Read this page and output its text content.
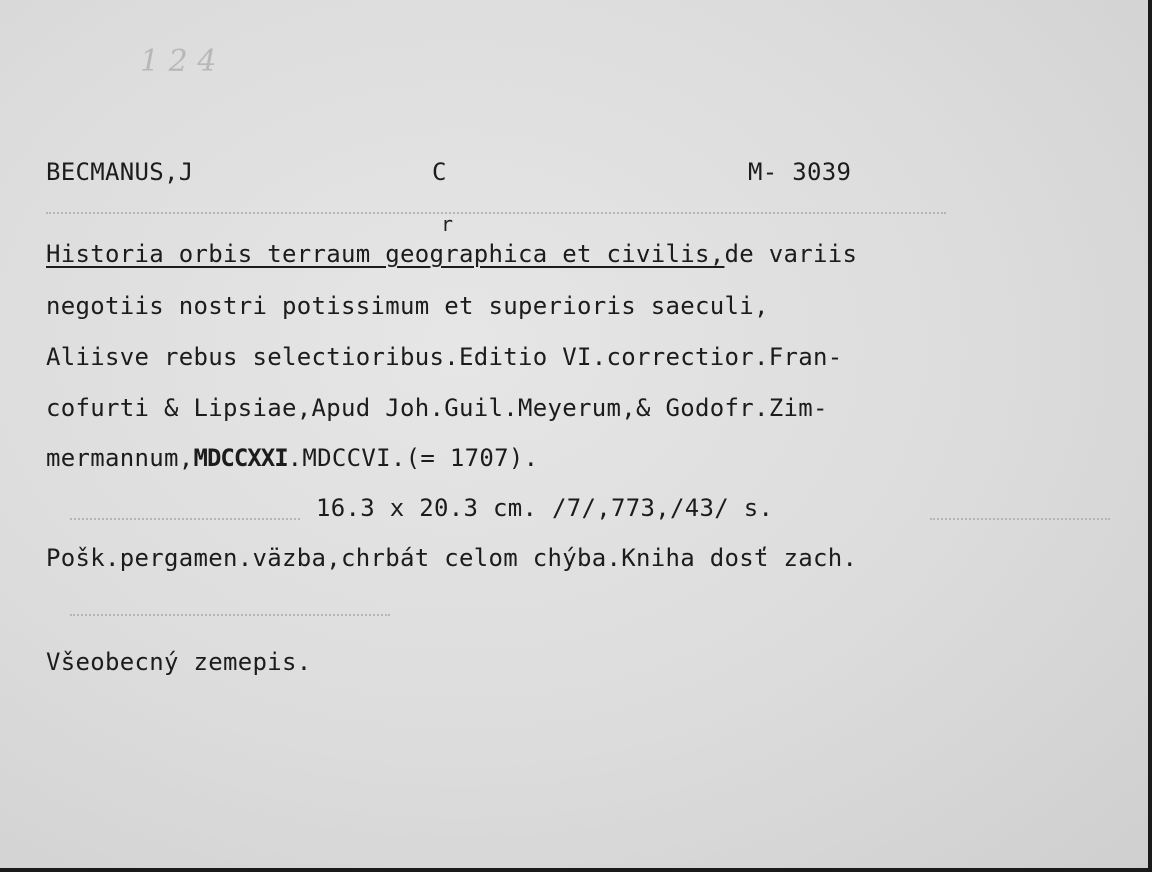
1 2 4
BECMANUS,J	C	M- 3039
r
Historia orbis terraum geographica et civilis,de variis
negotiis nostri potissimum et superioris saeculi,
Aliisve rebus selectioribus.Editio VI.correctior.Fran-
cofurti & Lipsiae,Apud Joh.Guil.Meyerum,& Godofr.Zim-
mermannum,MDCCXXI.MDCCVI.(= 1707).
16.3 x 20.3 cm. /7/,773,/43/ s.
Pošk.pergamen.väzba,chrbát celom chýba.Kniha dosť zach.
Všeobecný zemepis.
